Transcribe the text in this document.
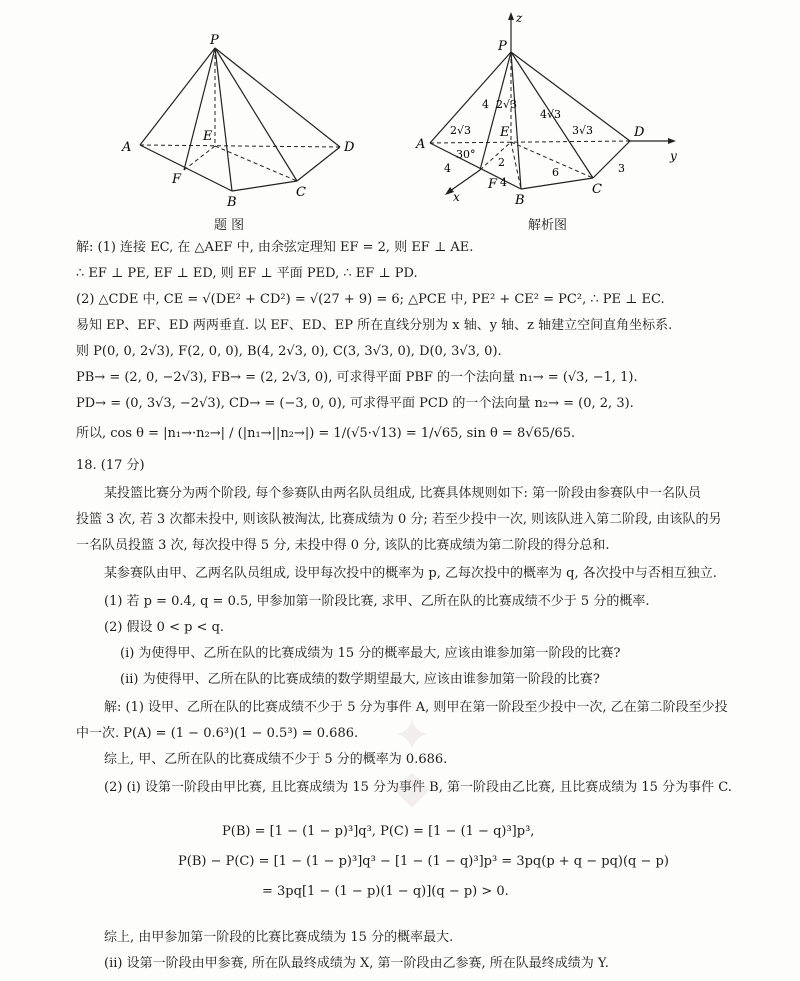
P
A
E
D
F
B
C
题 图
z
P
A
E	D
F
B
C
x
y
4 2√3
4√3
3√3
2√3
30°
2
4
4
6	3
解析图
解: (1) 连接 EC, 在 △AEF 中, 由余弦定理知 EF = 2, 则 EF ⊥ AE.
∴ EF ⊥ PE, EF ⊥ ED, 则 EF ⊥ 平面 PED, ∴ EF ⊥ PD.
(2) △CDE 中, CE = √(DE² + CD²) = √(27 + 9) = 6; △PCE 中, PE² + CE² = PC², ∴ PE ⊥ EC.
易知 EP、EF、ED 两两垂直. 以 EF、ED、EP 所在直线分别为 x 轴、y 轴、z 轴建立空间直角坐标系.
则 P(0, 0, 2√3), F(2, 0, 0), B(4, 2√3, 0), C(3, 3√3, 0), D(0, 3√3, 0).
PB→ = (2, 0, −2√3), FB→ = (2, 2√3, 0), 可求得平面 PBF 的一个法向量 n₁→ = (√3, −1, 1).
PD→ = (0, 3√3, −2√3), CD→ = (−3, 0, 0), 可求得平面 PCD 的一个法向量 n₂→ = (0, 2, 3).
所以, cos θ = |n₁→·n₂→| / (|n₁→||n₂→|) = 1/(√5·√13) = 1/√65, sin θ = 8√65/65.
18. (17 分)
某投篮比赛分为两个阶段, 每个参赛队由两名队员组成, 比赛具体规则如下: 第一阶段由参赛队中一名队员
投篮 3 次, 若 3 次都未投中, 则该队被淘汰, 比赛成绩为 0 分; 若至少投中一次, 则该队进入第二阶段, 由该队的另
一名队员投篮 3 次, 每次投中得 5 分, 未投中得 0 分, 该队的比赛成绩为第二阶段的得分总和.
某参赛队由甲、乙两名队员组成, 设甲每次投中的概率为 p, 乙每次投中的概率为 q, 各次投中与否相互独立.
(1) 若 p = 0.4, q = 0.5, 甲参加第一阶段比赛, 求甲、乙所在队的比赛成绩不少于 5 分的概率.
(2) 假设 0 < p < q.
(i) 为使得甲、乙所在队的比赛成绩为 15 分的概率最大, 应该由谁参加第一阶段的比赛?
(ii) 为使得甲、乙所在队的比赛成绩的数学期望最大, 应该由谁参加第一阶段的比赛?
解: (1) 设甲、乙所在队的比赛成绩不少于 5 分为事件 A, 则甲在第一阶段至少投中一次, 乙在第二阶段至少投
中一次. P(A) = (1 − 0.6³)(1 − 0.5³) = 0.686.
综上, 甲、乙所在队的比赛成绩不少于 5 分的概率为 0.686.
(2) (i) 设第一阶段由甲比赛, 且比赛成绩为 15 分为事件 B, 第一阶段由乙比赛, 且比赛成绩为 15 分为事件 C.
P(B) = [1 − (1 − p)³]q³, P(C) = [1 − (1 − q)³]p³,
P(B) − P(C) = [1 − (1 − p)³]q³ − [1 − (1 − q)³]p³ = 3pq(p + q − pq)(q − p)
= 3pq[1 − (1 − p)(1 − q)](q − p) > 0.
综上, 由甲参加第一阶段的比赛比赛成绩为 15 分的概率最大.
(ii) 设第一阶段由甲参赛, 所在队最终成绩为 X, 第一阶段由乙参赛, 所在队最终成绩为 Y.
✦
◆
